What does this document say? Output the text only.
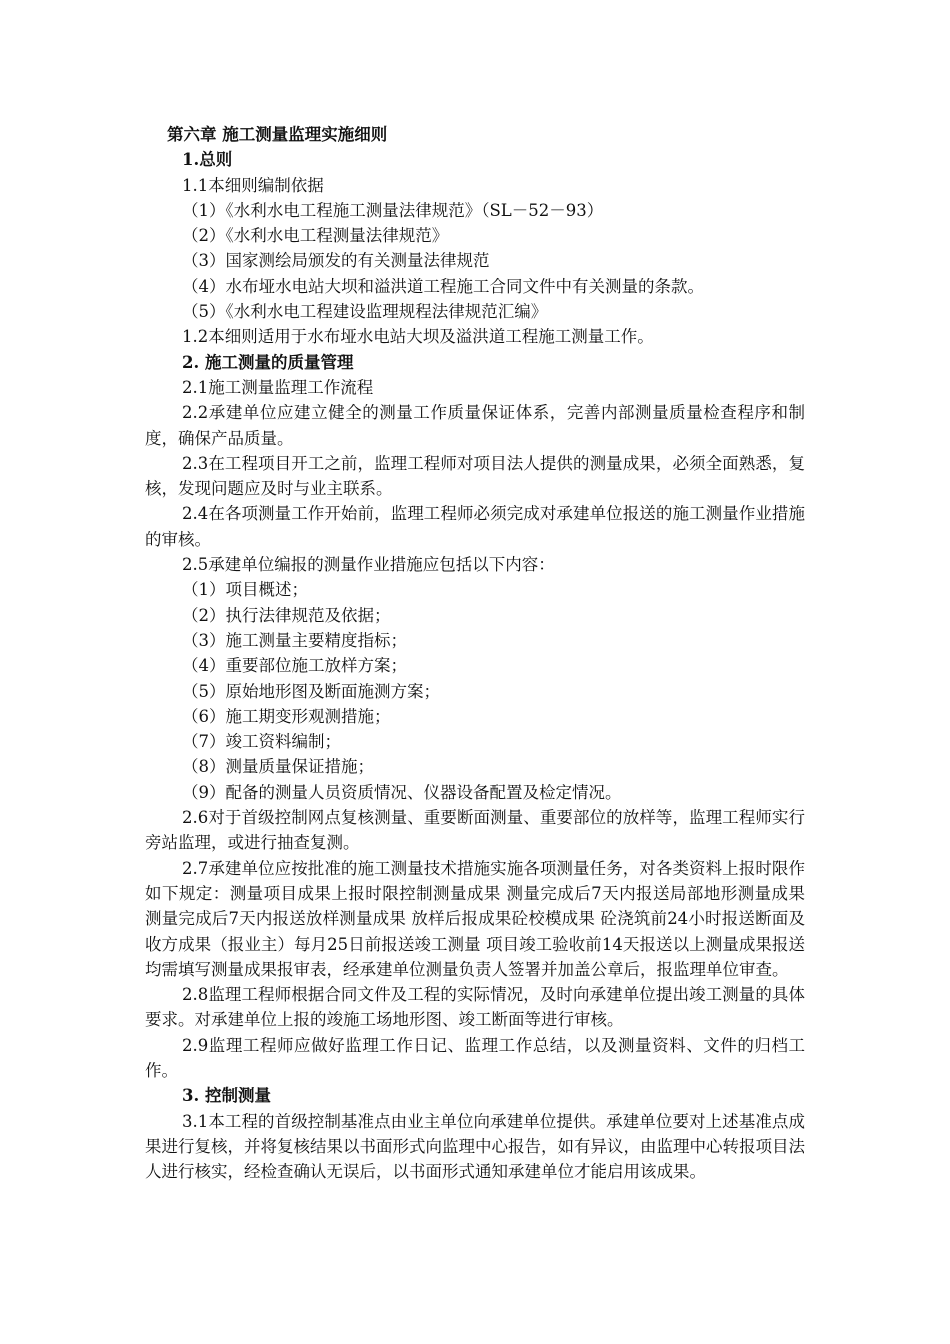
第六章 施工测量监理实施细则

1.总则

1.1本细则编制依据

（1）《水利水电工程施工测量法律规范》（SL－52－93）

（2）《水利水电工程测量法律规范》

（3）国家测绘局颁发的有关测量法律规范

（4）水布垭水电站大坝和溢洪道工程施工合同文件中有关测量的条款。

（5）《水利水电工程建设监理规程法律规范汇编》

1.2本细则适用于水布垭水电站大坝及溢洪道工程施工测量工作。

2. 施工测量的质量管理

2.1施工测量监理工作流程

2.2承建单位应建立健全的测量工作质量保证体系，完善内部测量质量检查程序和制度，确保产品质量。

2.3在工程项目开工之前，监理工程师对项目法人提供的测量成果，必须全面熟悉，复核，发现问题应及时与业主联系。

2.4在各项测量工作开始前，监理工程师必须完成对承建单位报送的施工测量作业措施的审核。

2.5承建单位编报的测量作业措施应包括以下内容：

（1）项目概述；

（2）执行法律规范及依据；

（3）施工测量主要精度指标；

（4）重要部位施工放样方案；

（5）原始地形图及断面施测方案；

（6）施工期变形观测措施；

（7）竣工资料编制；

（8）测量质量保证措施；

（9）配备的测量人员资质情况、仪器设备配置及检定情况。

2.6对于首级控制网点复核测量、重要断面测量、重要部位的放样等，监理工程师实行旁站监理，或进行抽查复测。

2.7承建单位应按批准的施工测量技术措施实施各项测量任务，对各类资料上报时限作如下规定：测量项目成果上报时限控制测量成果 测量完成后7天内报送局部地形测量成果 测量完成后7天内报送放样测量成果 放样后报成果砼校模成果 砼浇筑前24小时报送断面及收方成果（报业主）每月25日前报送竣工测量 项目竣工验收前14天报送以上测量成果报送均需填写测量成果报审表，经承建单位测量负责人签署并加盖公章后，报监理单位审查。

2.8监理工程师根据合同文件及工程的实际情况，及时向承建单位提出竣工测量的具体要求。对承建单位上报的竣施工场地形图、竣工断面等进行审核。

2.9监理工程师应做好监理工作日记、监理工作总结，以及测量资料、文件的归档工作。

3. 控制测量

3.1本工程的首级控制基准点由业主单位向承建单位提供。承建单位要对上述基准点成果进行复核，并将复核结果以书面形式向监理中心报告，如有异议，由监理中心转报项目法人进行核实，经检查确认无误后，以书面形式通知承建单位才能启用该成果。
